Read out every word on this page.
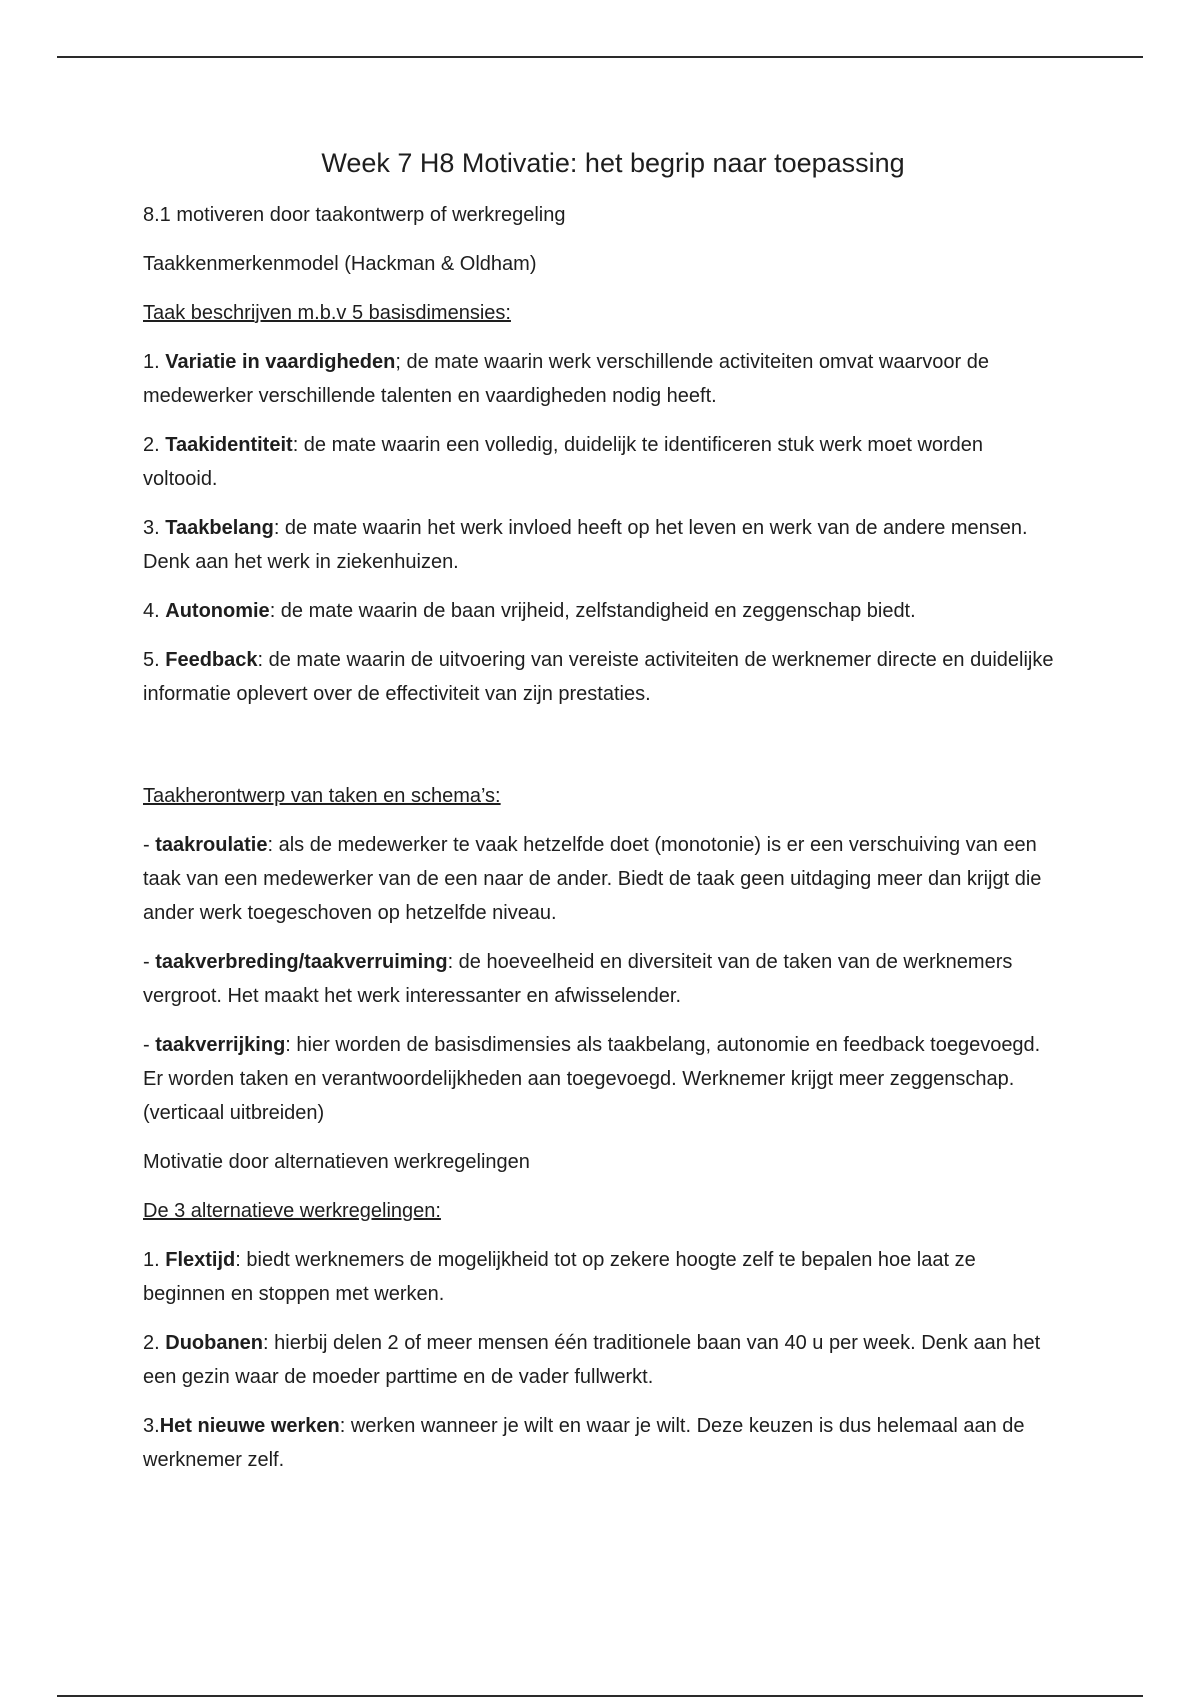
Week 7 H8 Motivatie: het begrip naar toepassing

8.1 motiveren door taakontwerp of werkregeling

Taakkenmerkenmodel (Hackman & Oldham)

Taak beschrijven m.b.v 5 basisdimensies:

1. Variatie in vaardigheden; de mate waarin werk verschillende activiteiten omvat waarvoor de medewerker verschillende talenten en vaardigheden nodig heeft.

2. Taakidentiteit: de mate waarin een volledig, duidelijk te identificeren stuk werk moet worden voltooid.

3. Taakbelang: de mate waarin het werk invloed heeft op het leven en werk van de andere mensen. Denk aan het werk in ziekenhuizen.

4. Autonomie: de mate waarin de baan vrijheid, zelfstandigheid en zeggenschap biedt.

5. Feedback: de mate waarin de uitvoering van vereiste activiteiten de werknemer directe en duidelijke informatie oplevert over de effectiviteit van zijn prestaties.

Taakherontwerp van taken en schema’s:

- taakroulatie: als de medewerker te vaak hetzelfde doet (monotonie) is er een verschuiving van een taak van een medewerker van de een naar de ander. Biedt de taak geen uitdaging meer dan krijgt die ander werk toegeschoven op hetzelfde niveau.

- taakverbreding/taakverruiming: de hoeveelheid en diversiteit van de taken van de werknemers vergroot. Het maakt het werk interessanter en afwisselender.

- taakverrijking: hier worden de basisdimensies als taakbelang, autonomie en feedback toegevoegd. Er worden taken en verantwoordelijkheden aan toegevoegd. Werknemer krijgt meer zeggenschap. (verticaal uitbreiden)

Motivatie door alternatieven werkregelingen

De 3 alternatieve werkregelingen:

1. Flextijd: biedt werknemers de mogelijkheid tot op zekere hoogte zelf te bepalen hoe laat ze beginnen en stoppen met werken.

2. Duobanen: hierbij delen 2 of meer mensen één traditionele baan van 40 u per week. Denk aan het een gezin waar de moeder parttime en de vader fullwerkt.

3.Het nieuwe werken: werken wanneer je wilt en waar je wilt. Deze keuzen is dus helemaal aan de werknemer zelf.
